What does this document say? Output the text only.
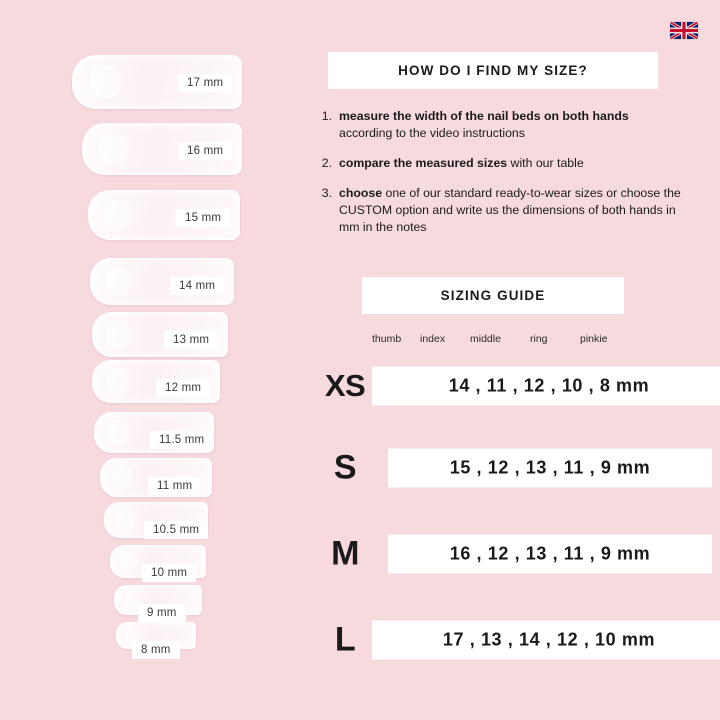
17 mm
16 mm
15 mm
14 mm
13 mm
12 mm
11.5 mm
11 mm
10.5 mm
10 mm
9 mm
8 mm
HOW DO I FIND MY SIZE?
1. measure the width of the nail beds on both hands according to the video instructions
2. compare the measured sizes with our table
3. choose one of our standard ready-to-wear sizes or choose the CUSTOM option and write us the dimensions of both hands in mm in the notes
SIZING GUIDE
thumb index middle	ring	pinkie
XS	14 , 11 , 12 , 10 , 8 mm
S	15 , 12 , 13 , 11 , 9 mm
M	16 , 12 , 13 , 11 , 9 mm
L	17 , 13 , 14 , 12 , 10 mm
